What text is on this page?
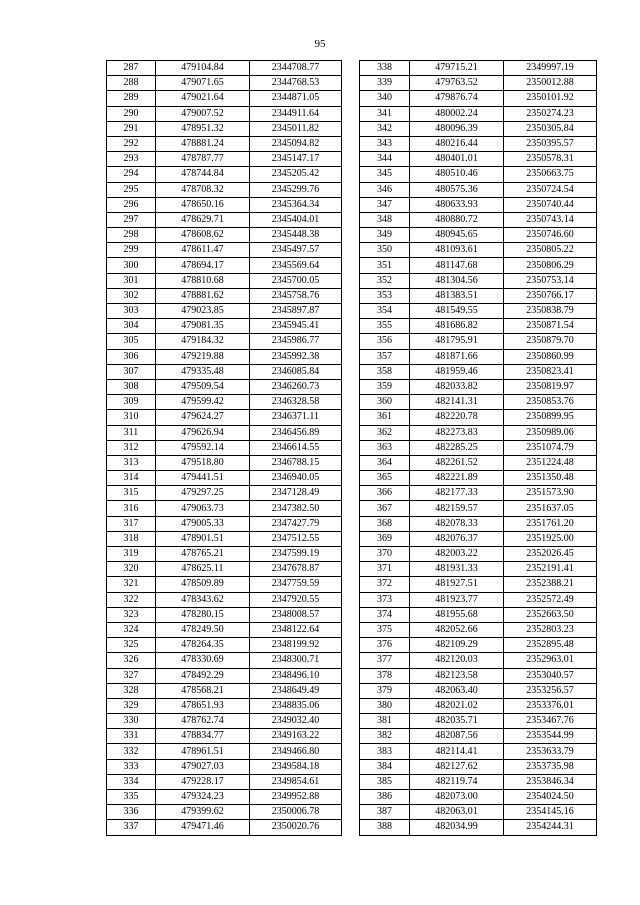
95
287	479104.84	2344708.77
288	479071.65	2344768.53
289	479021.64	2344871.05
290	479007.52	2344911.64
291	478951.32	2345011.82
292	478881.24	2345094.82
293	478787.77	2345147.17
294	478744.84	2345205.42
295	478708.32	2345299.76
296	478650.16	2345364.34
297	478629.71	2345404.01
298	478608.62	2345448.38
299	478611.47	2345497.57
300	478694.17	2345569.64
301	478810.68	2345700.05
302	478881.62	2345758.76
303	479023.85	2345897.87
304	479081.35	2345945.41
305	479184.32	2345986.77
306	479219.88	2345992.38
307	479335.48	2346085.84
308	479509.54	2346260.73
309	479599.42	2346328.58
310	479624.27	2346371.11
311	479626.94	2346456.89
312	479592.14	2346614.55
313	479518.80	2346788.15
314	479441.51	2346940.05
315	479297.25	2347128.49
316	479063.73	2347382.50
317	479005.33	2347427.79
318	478901.51	2347512.55
319	478765.21	2347599.19
320	478625.11	2347678.87
321	478509.89	2347759.59
322	478343.62	2347920.55
323	478280.15	2348008.57
324	478249.50	2348122.64
325	478264.35	2348199.92
326	478330.69	2348300.71
327	478492.29	2348496.10
328	478568.21	2348649.49
329	478651.93	2348835.06
330	478762.74	2349032.40
331	478834.77	2349163.22
332	478961.51	2349466.80
333	479027.03	2349584.18
334	479228.17	2349854.61
335	479324.23	2349952.88
336	479399.62	2350006.78
337	479471.46	2350020.76
338	479715.21	2349997.19
339	479763.52	2350012.88
340	479876.74	2350101.92
341	480002.24	2350274.23
342	480096.39	2350305.84
343	480216.44	2350395.57
344	480401.01	2350578.31
345	480510.46	2350663.75
346	480575.36	2350724.54
347	480633.93	2350740.44
348	480880.72	2350743.14
349	480945.65	2350746.60
350	481093.61	2350805.22
351	481147.68	2350806.29
352	481304.56	2350753.14
353	481383.51	2350766.17
354	481549.55	2350838.79
355	481686.82	2350871.54
356	481795.91	2350879.70
357	481871.66	2350860.99
358	481959.46	2350823.41
359	482033.82	2350819.97
360	482141.31	2350853.76
361	482220.78	2350899.95
362	482273.83	2350989.06
363	482285.25	2351074.79
364	482261.52	2351224.48
365	482221.89	2351350.48
366	482177.33	2351573.90
367	482159.57	2351637.05
368	482078.33	2351761.20
369	482076.37	2351925.00
370	482003.22	2352026.45
371	481931.33	2352191.41
372	481927.51	2352388.21
373	481923.77	2352572.49
374	481955.68	2352663.50
375	482052.66	2352803.23
376	482109.29	2352895.48
377	482120.03	2352963.01
378	482123.58	2353040.57
379	482063.40	2353256.57
380	482021.02	2353376.01
381	482035.71	2353467.76
382	482087.56	2353544.99
383	482114.41	2353633.79
384	482127.62	2353735.98
385	482119.74	2353846.34
386	482073.00	2354024.50
387	482063.01	2354145.16
388	482034.99	2354244.31
